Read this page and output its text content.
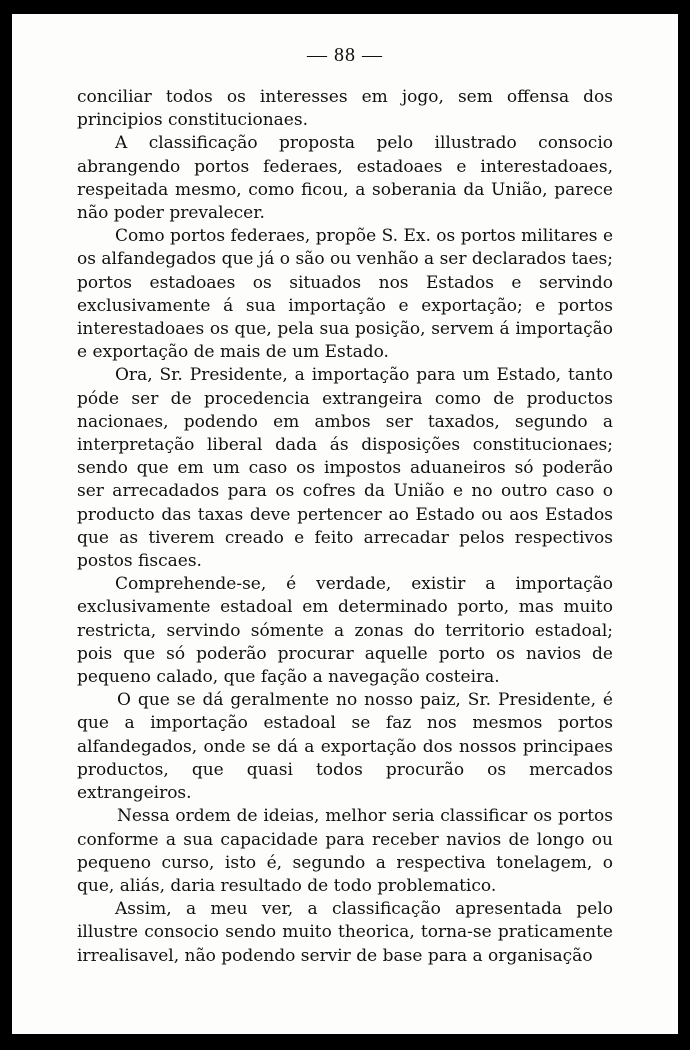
— 88 —

conciliar todos os interesses em jogo, sem offensa dos principios constitucionaes.

A classificação proposta pelo illustrado consocio abrangendo portos federaes, estadoaes e interestadoaes, respeitada mesmo, como ficou, a soberania da União, parece não poder prevalecer.

Como portos federaes, propõe S. Ex. os portos militares e os alfandegados que já o são ou venhão a ser declarados taes; portos estadoaes os situados nos Estados e servindo exclusivamente á sua importação e exportação; e portos interestadoaes os que, pela sua posição, servem á importação e exportação de mais de um Estado.

Ora, Sr. Presidente, a importação para um Estado, tanto póde ser de procedencia extrangeira como de productos nacionaes, podendo em ambos ser taxados, segundo a interpretação liberal dada ás disposições constitucionaes; sendo que em um caso os impostos aduaneiros só poderão ser arrecadados para os cofres da União e no outro caso o producto das taxas deve pertencer ao Estado ou aos Estados que as tiverem creado e feito arrecadar pelos respectivos postos fiscaes.

Comprehende-se, é verdade, existir a importação exclusivamente estadoal em determinado porto, mas muito restricta, servindo sómente a zonas do territorio estadoal; pois que só poderão procurar aquelle porto os navios de pequeno calado, que fação a navegação costeira.

O que se dá geralmente no nosso paiz, Sr. Presidente, é que a importação estadoal se faz nos mesmos portos alfandegados, onde se dá a exportação dos nossos principaes productos, que quasi todos procurão os mercados extrangeiros.

Nessa ordem de ideias, melhor seria classificar os portos conforme a sua capacidade para receber navios de longo ou pequeno curso, isto é, segundo a respectiva tonelagem, o que, aliás, daria resultado de todo problematico.

Assim, a meu ver, a classificação apresentada pelo illustre consocio sendo muito theorica, torna-se praticamente irrealisavel, não podendo servir de base para a organisação
